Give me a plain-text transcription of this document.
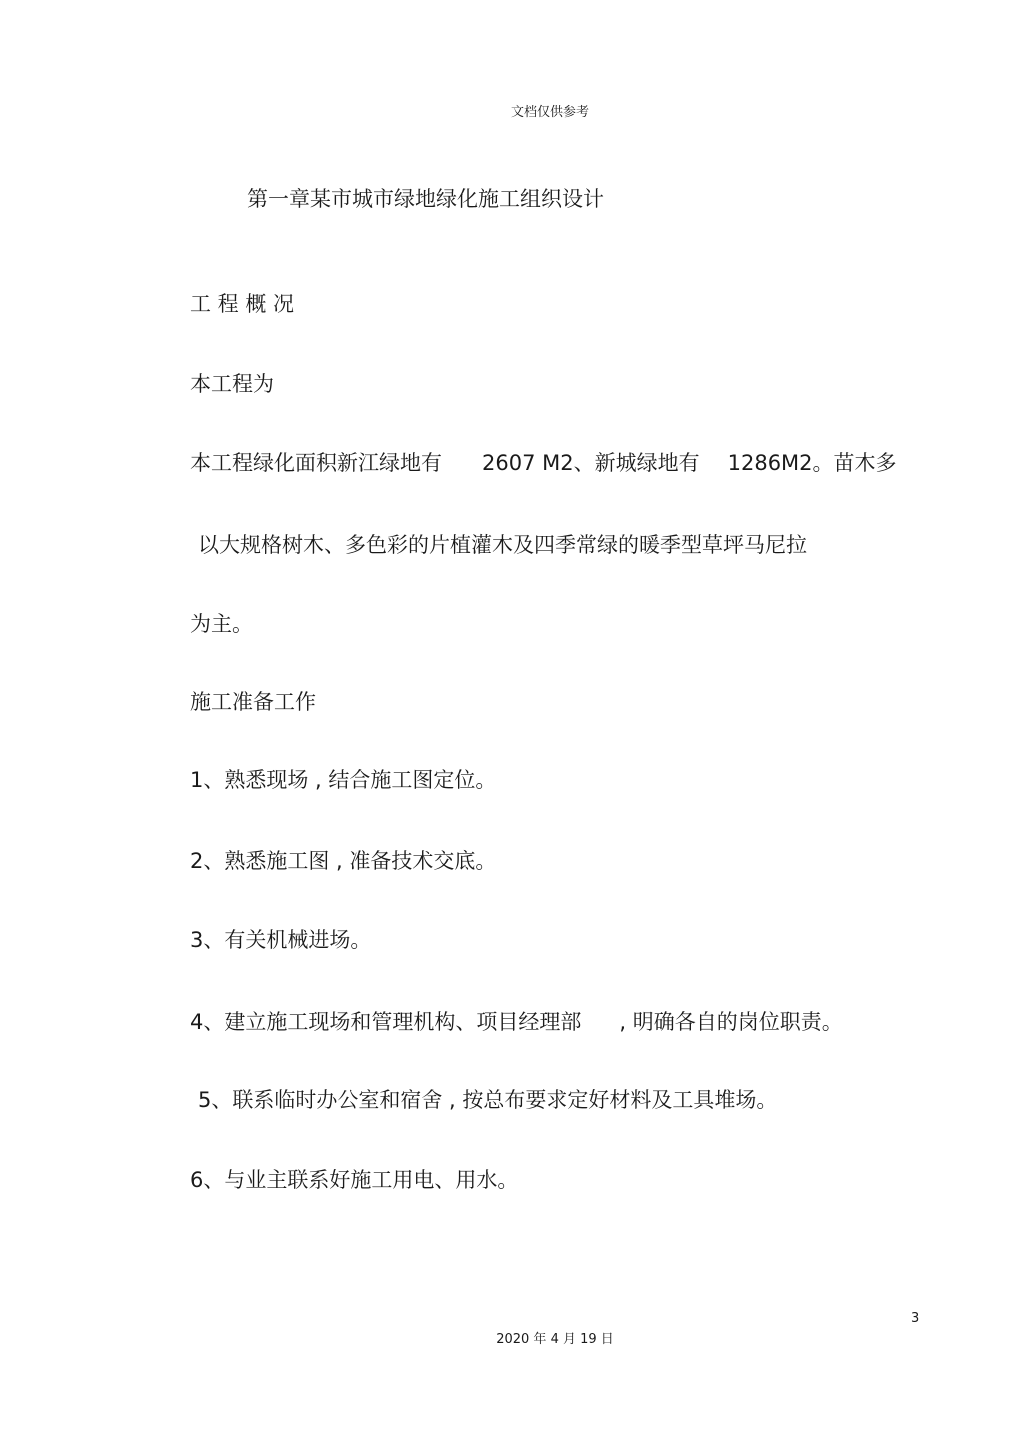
文档仅供参考
第一章某市城市绿地绿化施工组织设计
工 程 概 况
本工程为
本工程绿化面积新江绿地有 2607 M2、新城绿地有 1286M2。苗木多
以大规格树木、多色彩的片植灌木及四季常绿的暖季型草坪马尼拉
为主。
施工准备工作
1、熟悉现场 , 结合施工图定位。
2、熟悉施工图 , 准备技术交底。
3、有关机械进场。
4、建立施工现场和管理机构、项目经理部 , 明确各自的岗位职责。
5、联系临时办公室和宿舍 , 按总布要求定好材料及工具堆场。
6、与业主联系好施工用电、用水。
3
2020 年 4 月 19 日
